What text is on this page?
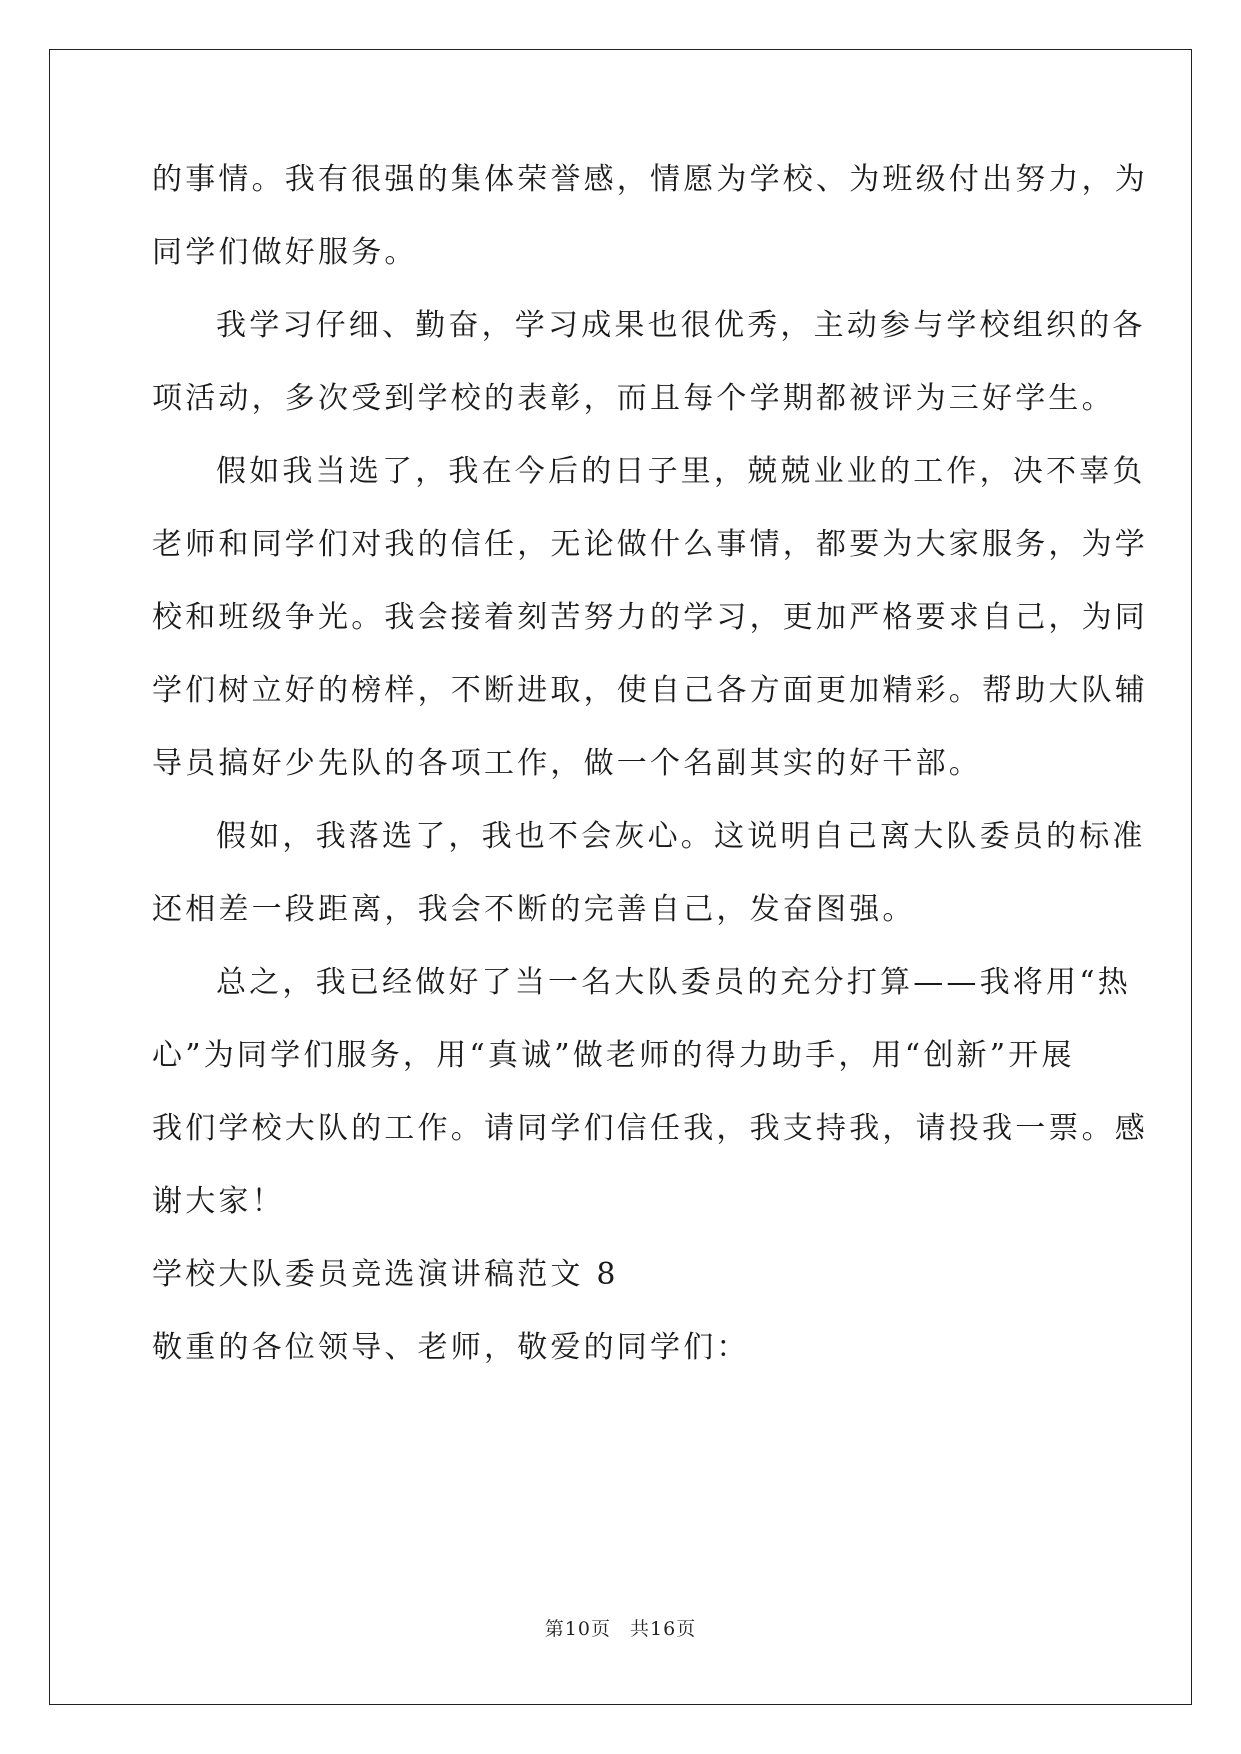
的事情。我有很强的集体荣誉感，情愿为学校、为班级付出努力，为
同学们做好服务。
我学习仔细、勤奋，学习成果也很优秀，主动参与学校组织的各
项活动，多次受到学校的表彰，而且每个学期都被评为三好学生。
假如我当选了，我在今后的日子里，兢兢业业的工作，决不辜负
老师和同学们对我的信任，无论做什么事情，都要为大家服务，为学
校和班级争光。我会接着刻苦努力的学习，更加严格要求自己，为同
学们树立好的榜样，不断进取，使自己各方面更加精彩。帮助大队辅
导员搞好少先队的各项工作，做一个名副其实的好干部。
假如，我落选了，我也不会灰心。这说明自己离大队委员的标准
还相差一段距离，我会不断的完善自己，发奋图强。
总之，我已经做好了当一名大队委员的充分打算——我将用“热
心”为同学们服务，用“真诚”做老师的得力助手，用“创新”开展
我们学校大队的工作。请同学们信任我，我支持我，请投我一票。感
谢大家！
学校大队委员竞选演讲稿范文 8
敬重的各位领导、老师，敬爱的同学们：
第10页 共16页
